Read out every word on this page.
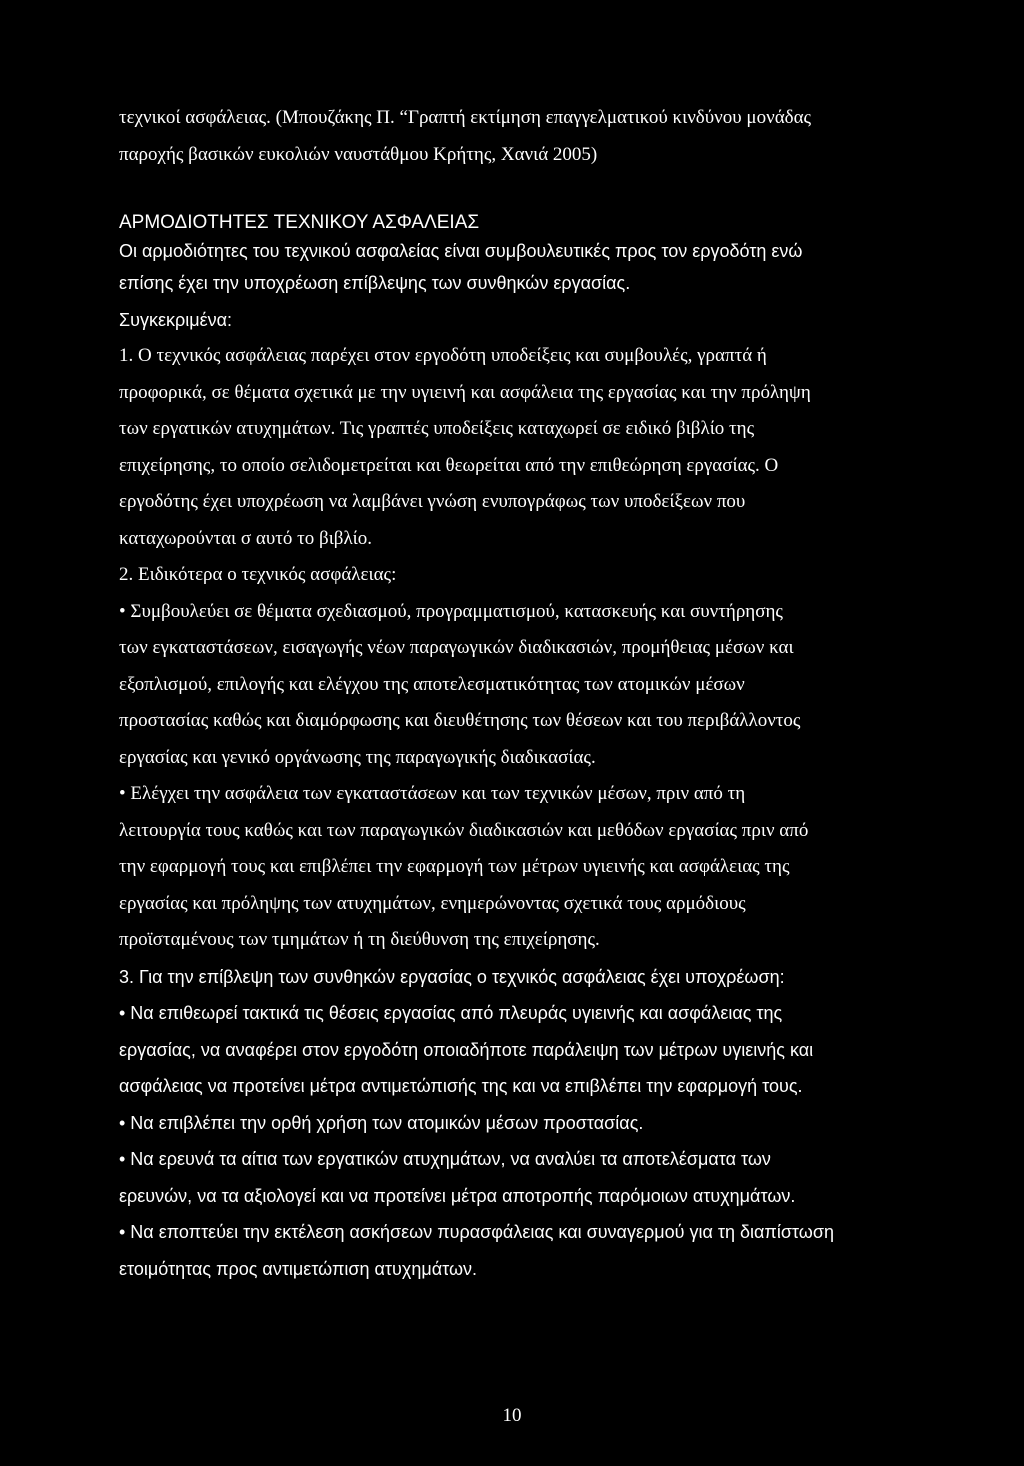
τεχνικοί ασφάλειας. (Μπουζάκης Π. “Γραπτή εκτίμηση επαγγελματικού κινδύνου μονάδας
παροχής βασικών ευκολιών ναυστάθμου Κρήτης, Χανιά 2005)
ΑΡΜΟΔΙΟΤΗΤΕΣ ΤΕΧΝΙΚΟΥ ΑΣΦΑΛΕΙΑΣ
Οι αρμοδιότητες του τεχνικού ασφαλείας είναι συμβουλευτικές προς τον εργοδότη ενώ
επίσης έχει την υποχρέωση επίβλεψης των συνθηκών εργασίας.
Συγκεκριμένα:
1. Ο τεχνικός ασφάλειας παρέχει στον εργοδότη υποδείξεις και συμβουλές, γραπτά ή
προφορικά, σε θέματα σχετικά με την υγιεινή και ασφάλεια της εργασίας και την πρόληψη
των εργατικών ατυχημάτων. Τις γραπτές υποδείξεις καταχωρεί σε ειδικό βιβλίο της
επιχείρησης, το οποίο σελιδομετρείται και θεωρείται από την επιθεώρηση εργασίας. Ο
εργοδότης έχει υποχρέωση να λαμβάνει γνώση ενυπογράφως των υποδείξεων που
καταχωρούνται σ αυτό το βιβλίο.
2. Ειδικότερα ο τεχνικός ασφάλειας:
• Συμβουλεύει σε θέματα σχεδιασμού, προγραμματισμού, κατασκευής και συντήρησης
των εγκαταστάσεων, εισαγωγής νέων παραγωγικών διαδικασιών, προμήθειας μέσων και
εξοπλισμού, επιλογής και ελέγχου της αποτελεσματικότητας των ατομικών μέσων
προστασίας καθώς και διαμόρφωσης και διευθέτησης των θέσεων και του περιβάλλοντος
εργασίας και γενικό οργάνωσης της παραγωγικής διαδικασίας.
• Ελέγχει την ασφάλεια των εγκαταστάσεων και των τεχνικών μέσων, πριν από τη
λειτουργία τους καθώς και των παραγωγικών διαδικασιών και μεθόδων εργασίας πριν από
την εφαρμογή τους και επιβλέπει την εφαρμογή των μέτρων υγιεινής και ασφάλειας της
εργασίας και πρόληψης των ατυχημάτων, ενημερώνοντας σχετικά τους αρμόδιους
προϊσταμένους των τμημάτων ή τη διεύθυνση της επιχείρησης.
3. Για την επίβλεψη των συνθηκών εργασίας ο τεχνικός ασφάλειας έχει υποχρέωση:
• Να επιθεωρεί τακτικά τις θέσεις εργασίας από πλευράς υγιεινής και ασφάλειας της
εργασίας, να αναφέρει στον εργοδότη οποιαδήποτε παράλειψη των μέτρων υγιεινής και
ασφάλειας να προτείνει μέτρα αντιμετώπισής της και να επιβλέπει την εφαρμογή τους.
• Να επιβλέπει την ορθή χρήση των ατομικών μέσων προστασίας.
• Να ερευνά τα αίτια των εργατικών ατυχημάτων, να αναλύει τα αποτελέσματα των
ερευνών, να τα αξιολογεί και να προτείνει μέτρα αποτροπής παρόμοιων ατυχημάτων.
• Να εποπτεύει την εκτέλεση ασκήσεων πυρασφάλειας και συναγερμού για τη διαπίστωση
ετοιμότητας προς αντιμετώπιση ατυχημάτων.
10
